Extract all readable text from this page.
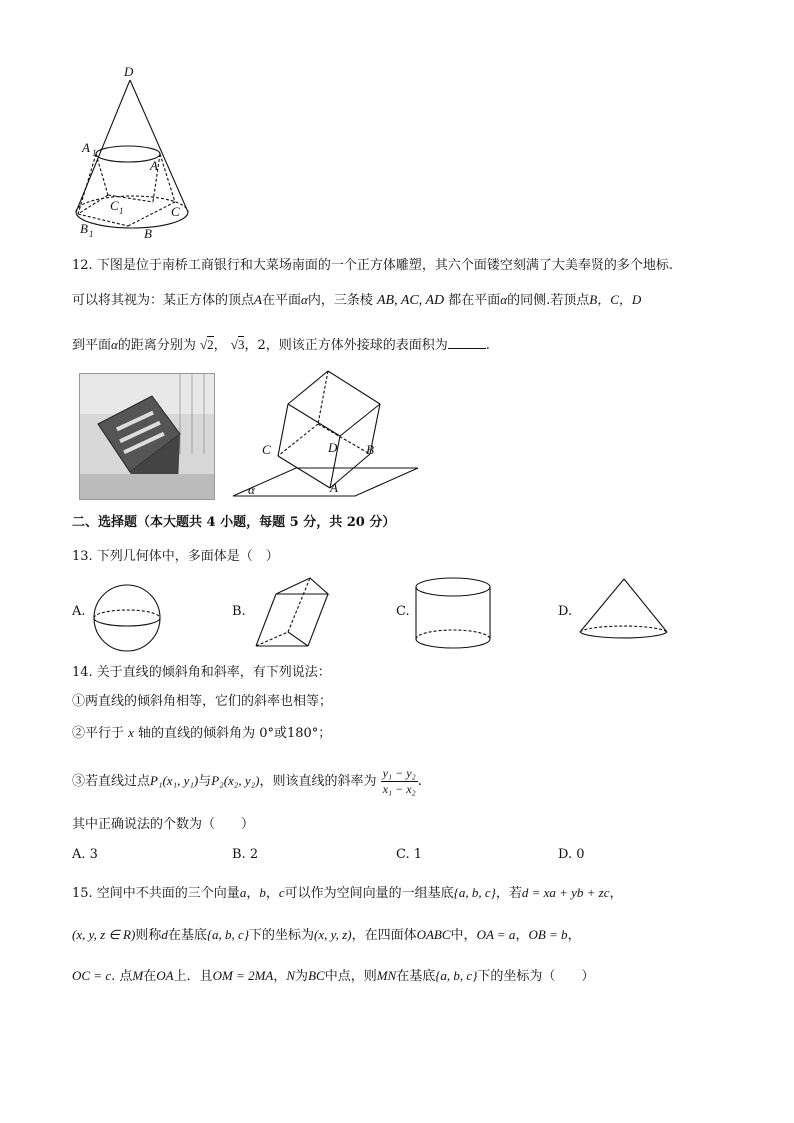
D
A 1
A
C 1	C
B 1	B
12. 下图是位于南桥工商银行和大菜场南面的一个正方体雕塑，其六个面镂空刻满了大美奉贤的多个地标.
可以将其视为：某正方体的顶点A在平面α内，三条棱 AB, AC, AD 都在平面α的同侧.若顶点B，C，D
到平面α的距离分别为 √2， √3，2，则该正方体外接球的表面积为	.
C	D B
A
α
二、选择题（本大题共 4 小题，每题 5 分，共 20 分）
13. 下列几何体中，多面体是（　）
A.	B.	C.	D.
14. 关于直线的倾斜角和斜率，有下列说法：
①两直线的倾斜角相等，它们的斜率也相等；
②平行于 x 轴的直线的倾斜角为 0°或180°；
③若直线过点P₁(x₁, y₁)与P₂(x₂, y₂)，则该直线的斜率为 $\frac{\text{y₁ − y₂}}{\text{x₁ − x₂}}$ .
其中正确说法的个数为（　　）
A. 3	B. 2	C. 1	D. 0
15. 空间中不共面的三个向量a，b，c可以作为空间向量的一组基底{a, b, c}，若d = xa + yb + zc，
(x, y, z ∈ R)则称d在基底{a, b, c}下的坐标为(x, y, z)，在四面体OABC中，OA = a，OB = b，
OC = c. 点M在OA上．且OM = 2MA，N为BC中点，则MN在基底{a, b, c}下的坐标为（　　）
